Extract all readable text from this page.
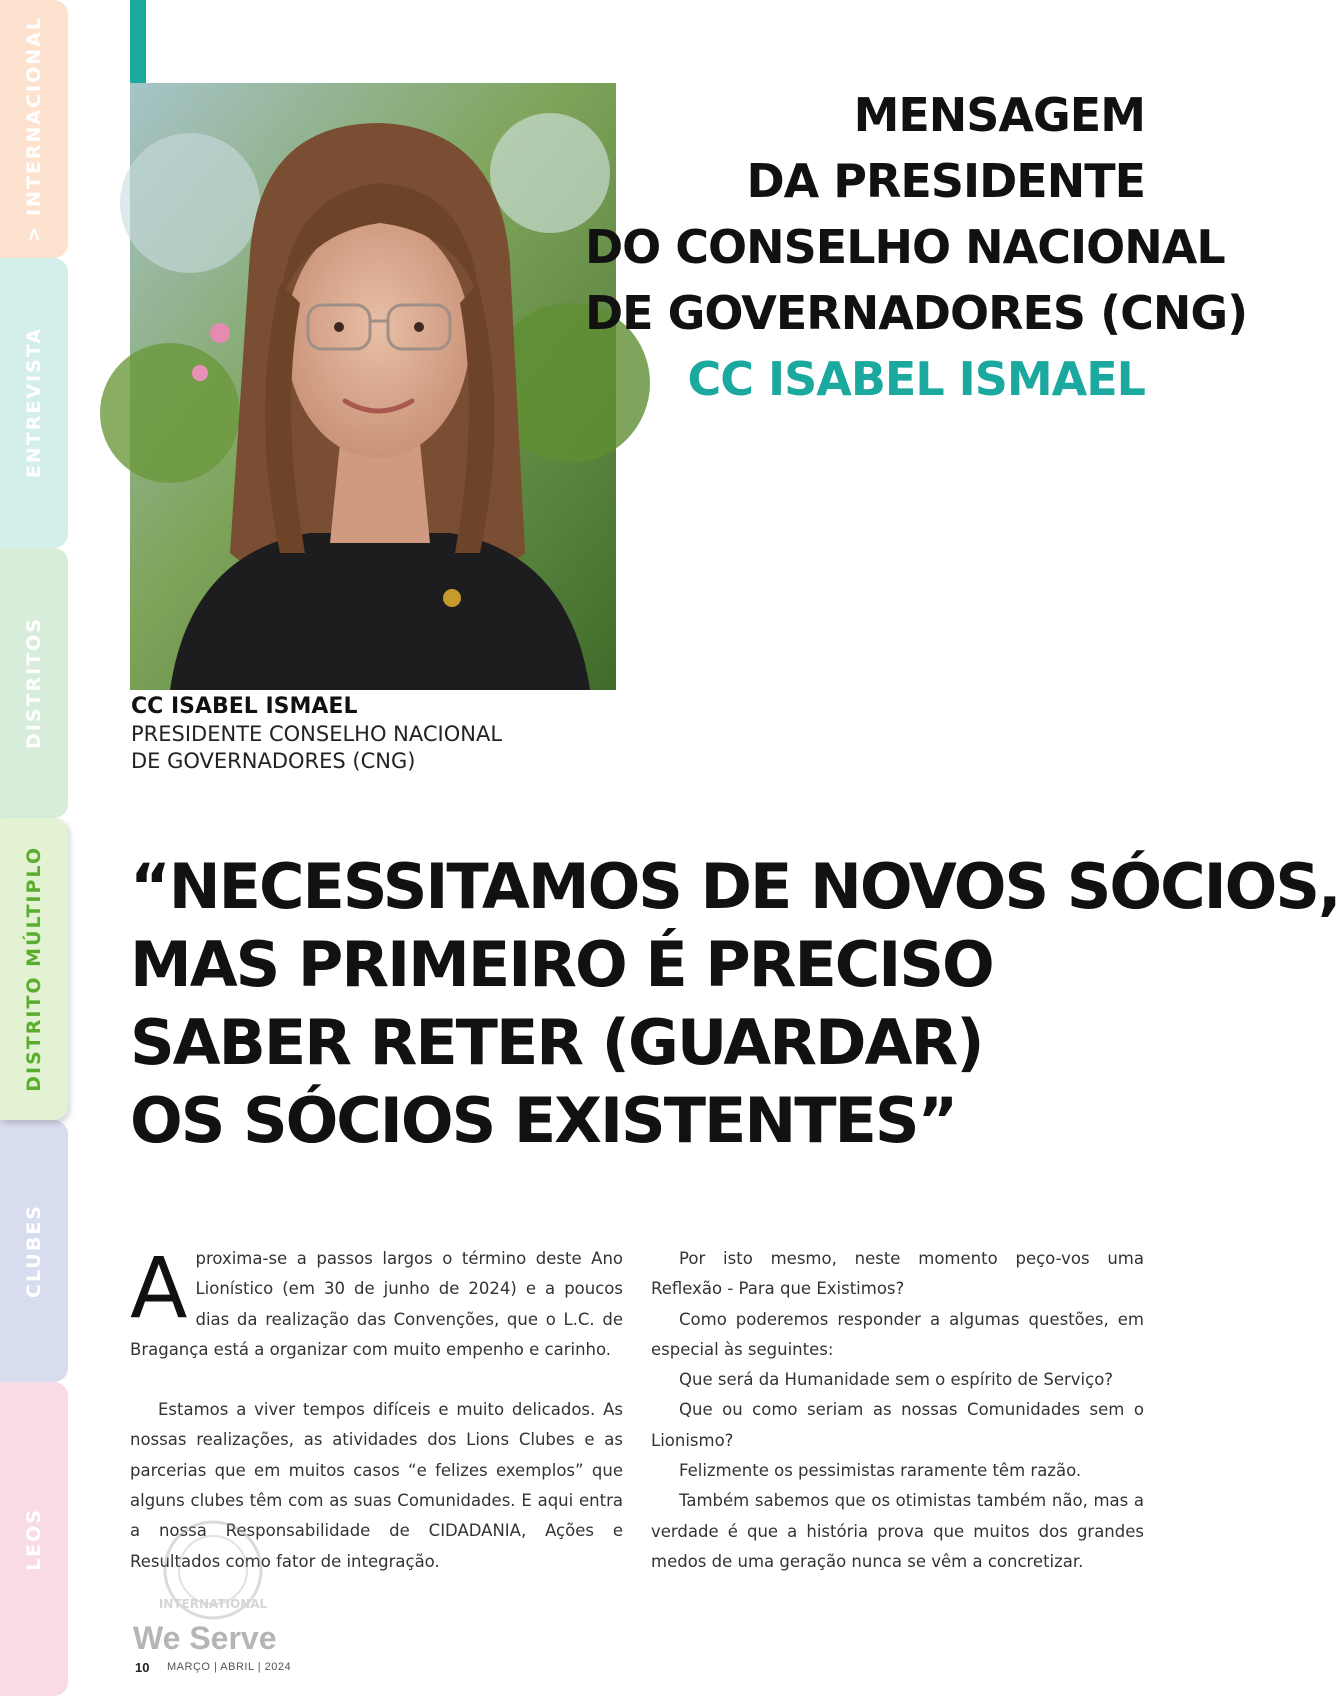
> INTERNACIONAL
ENTREVISTA
DISTRITOS
DISTRITO MÚLTIPLO
CLUBES
LEOS

CC ISABEL ISMAEL

PRESIDENTE CONSELHO NACIONAL
DE GOVERNADORES (CNG)

MENSAGEM
DA PRESIDENTE
DO CONSELHO NACIONAL
DE GOVERNADORES (CNG)
CC ISABEL ISMAEL
“NECESSITAMOS DE NOVOS SÓCIOS,
MAS PRIMEIRO É PRECISO
SABER RETER (GUARDAR)
OS SÓCIOS EXISTENTES”

Aproxima-se a passos largos o término deste Ano Lionístico (em 30 de junho de 2024) e a poucos dias da realização das Convenções, que o L.C. de Bragança está a organizar com muito empenho e carinho.

Estamos a viver tempos difíceis e muito delicados. As nossas realizações, as atividades dos Lions Clubes e as parcerias que em muitos casos “e felizes exemplos” que alguns clubes têm com as suas Comunidades. E aqui entra a nossa Responsabilidade de CIDADANIA, Ações e Resultados como fator de integração.

Por isto mesmo, neste momento peço-vos uma Reflexão - Para que Existimos?

Como poderemos responder a algumas questões, em especial às seguintes:

Que será da Humanidade sem o espírito de Serviço?

Que ou como seriam as nossas Comunidades sem o Lionismo?

Felizmente os pessimistas raramente têm razão.

Também sabemos que os otimistas também não, mas a verdade é que a história prova que muitos dos grandes medos de uma geração nunca se vêm a concretizar.

INTERNATIONAL

We Serve

10 MARÇO | ABRIL | 2024
